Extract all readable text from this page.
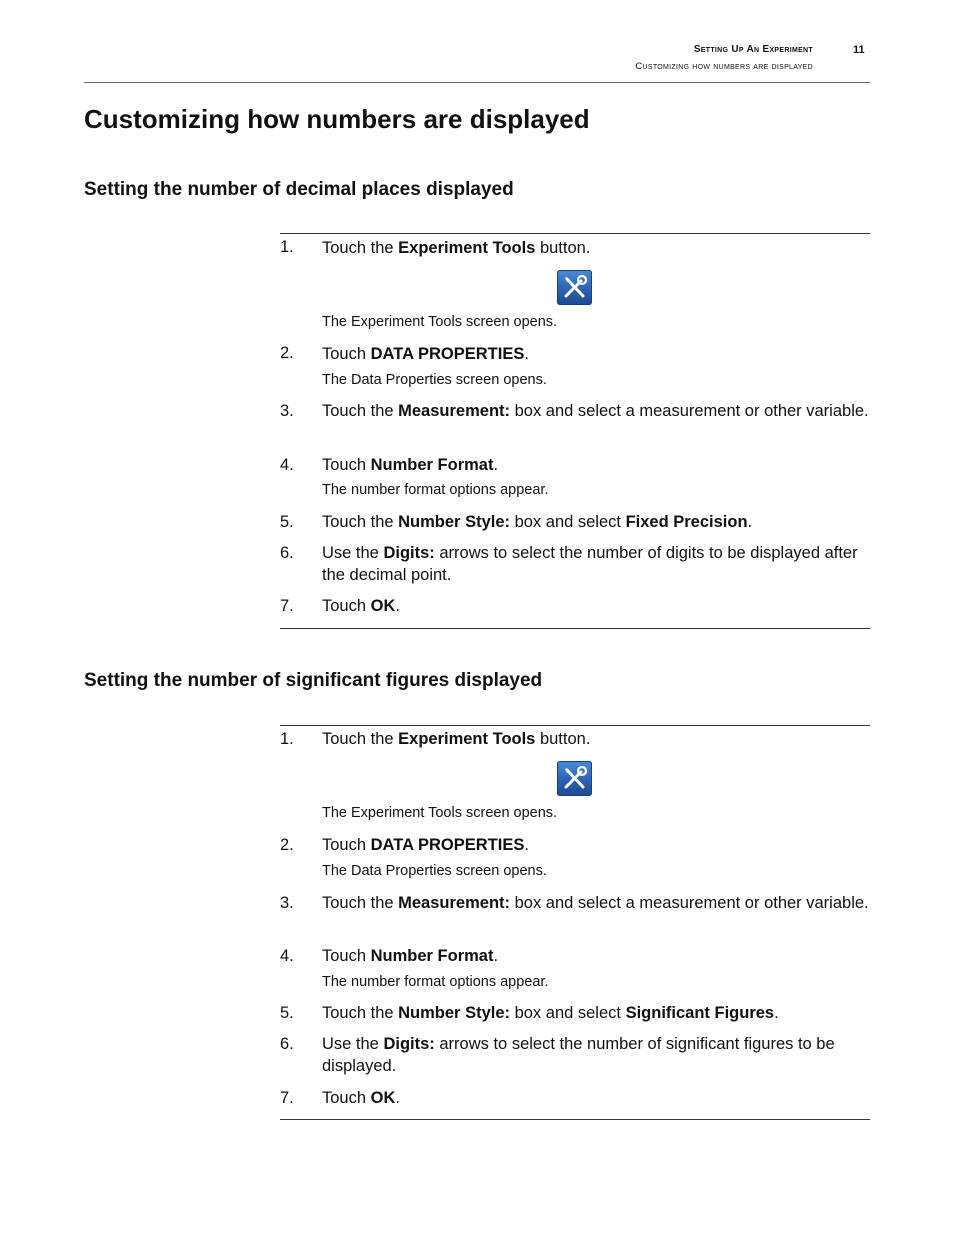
Setting Up An Experiment
Customizing how numbers are displayed
11
Customizing how numbers are displayed
Setting the number of decimal places displayed
1. Touch the Experiment Tools button.
The Experiment Tools screen opens.
2. Touch DATA PROPERTIES.
The Data Properties screen opens.
3. Touch the Measurement: box and select a measurement or other variable.
4. Touch Number Format.
The number format options appear.
5. Touch the Number Style: box and select Fixed Precision.
6. Use the Digits: arrows to select the number of digits to be displayed after the decimal point.
7. Touch OK.
Setting the number of significant figures displayed
1. Touch the Experiment Tools button.
The Experiment Tools screen opens.
2. Touch DATA PROPERTIES.
The Data Properties screen opens.
3. Touch the Measurement: box and select a measurement or other variable.
4. Touch Number Format.
The number format options appear.
5. Touch the Number Style: box and select Significant Figures.
6. Use the Digits: arrows to select the number of significant figures to be displayed.
7. Touch OK.
